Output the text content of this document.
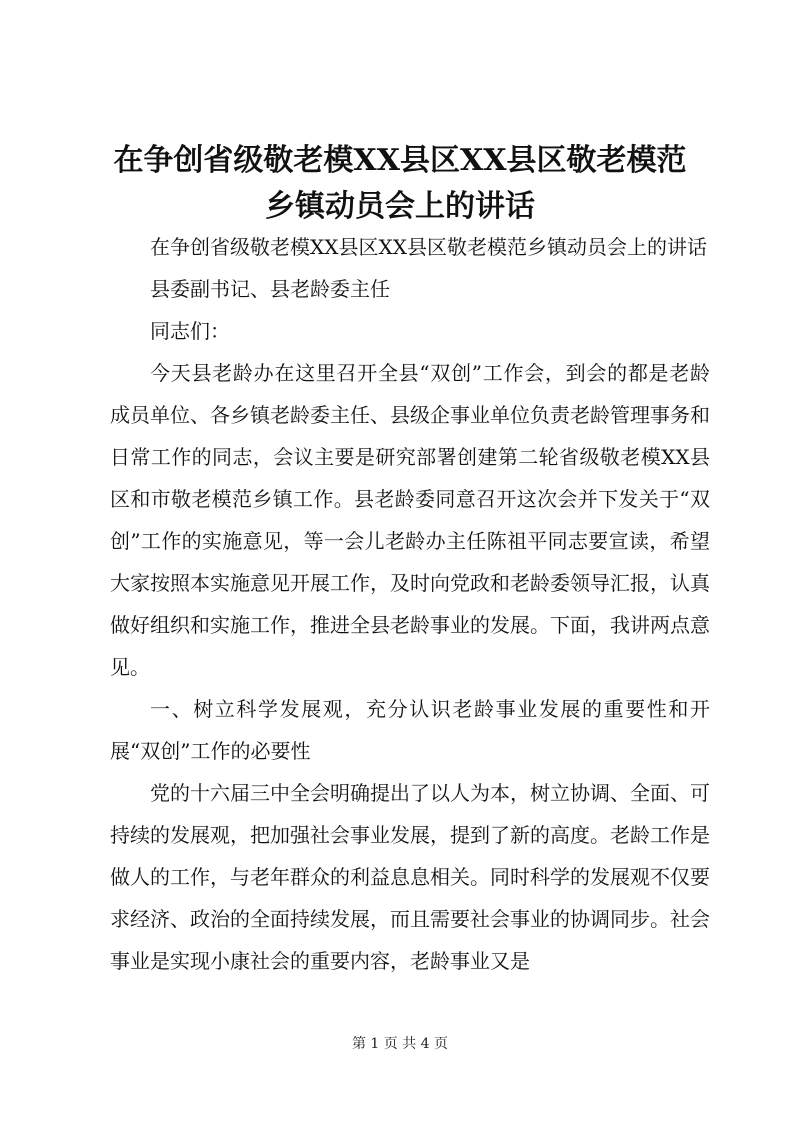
在争创省级敬老模XX县区XX县区敬老模范乡镇动员会上的讲话

在争创省级敬老模XX县区XX县区敬老模范乡镇动员会上的讲话

县委副书记、县老龄委主任

同志们：

今天县老龄办在这里召开全县“双创”工作会，到会的都是老龄成员单位、各乡镇老龄委主任、县级企事业单位负责老龄管理事务和日常工作的同志，会议主要是研究部署创建第二轮省级敬老模XX县区和市敬老模范乡镇工作。县老龄委同意召开这次会并下发关于“双创”工作的实施意见，等一会儿老龄办主任陈祖平同志要宣读，希望大家按照本实施意见开展工作，及时向党政和老龄委领导汇报，认真做好组织和实施工作，推进全县老龄事业的发展。下面，我讲两点意见。

一、树立科学发展观，充分认识老龄事业发展的重要性和开展“双创”工作的必要性

党的十六届三中全会明确提出了以人为本，树立协调、全面、可持续的发展观，把加强社会事业发展，提到了新的高度。老龄工作是做人的工作，与老年群众的利益息息相关。同时科学的发展观不仅要求经济、政治的全面持续发展，而且需要社会事业的协调同步。社会事业是实现小康社会的重要内容，老龄事业又是

第 1 页 共 4 页
